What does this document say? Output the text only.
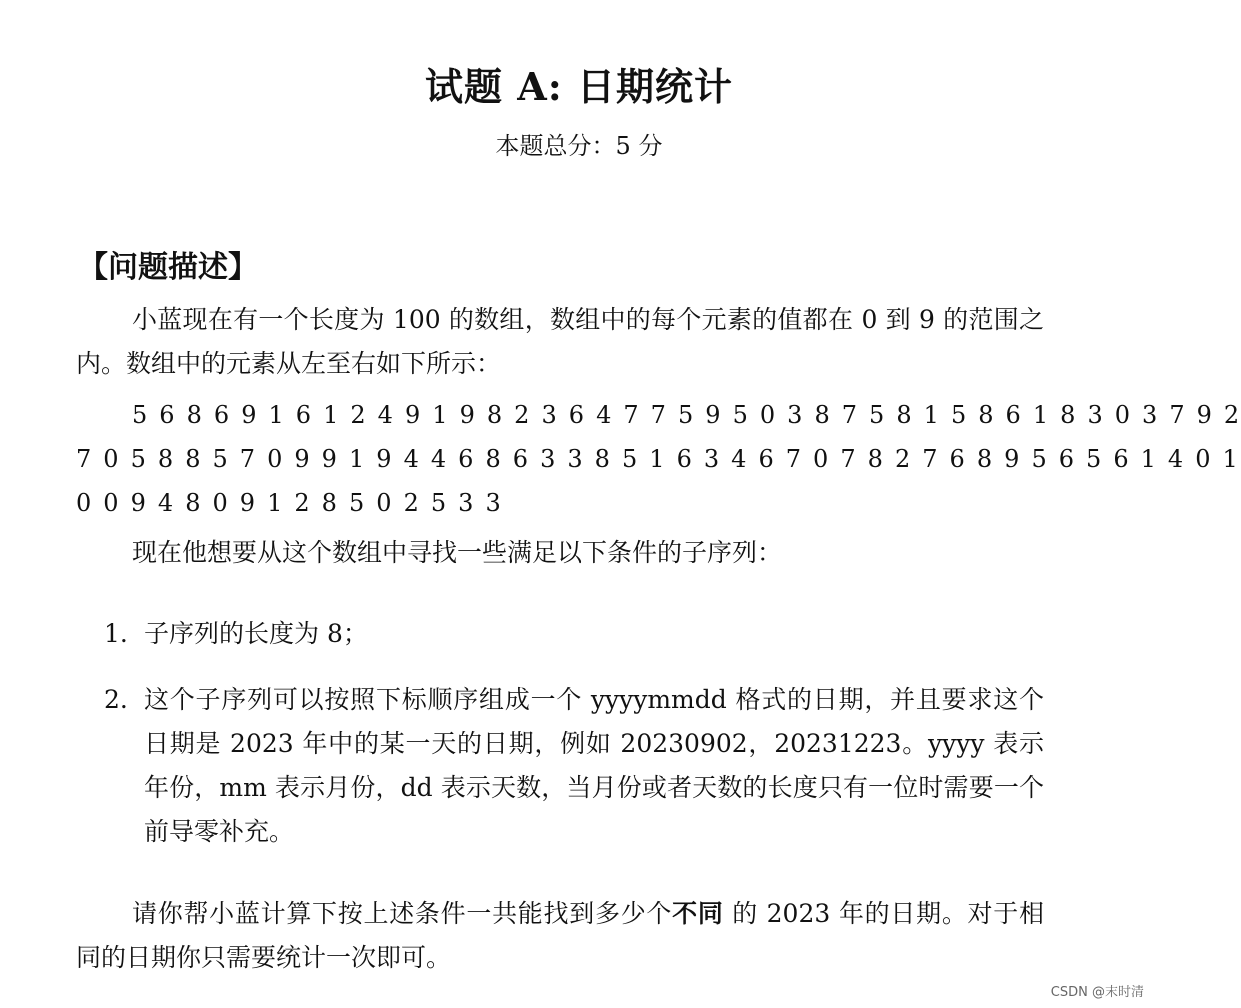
试题 A: 日期统计
本题总分：5 分
【问题描述】
小蓝现在有一个长度为 100 的数组，数组中的每个元素的值都在 0 到 9 的范围之内。数组中的元素从左至右如下所示：
5 6 8 6 9 1 6 1 2 4 9 1 9 8 2 3 6 4 7 7 5 9 5 0 3 8 7 5 8 1 5 8 6 1 8 3 0 3 7 9 2
7 0 5 8 8 5 7 0 9 9 1 9 4 4 6 8 6 3 3 8 5 1 6 3 4 6 7 0 7 8 2 7 6 8 9 5 6 5 6 1 4 0 1
0 0 9 4 8 0 9 1 2 8 5 0 2 5 3 3
现在他想要从这个数组中寻找一些满足以下条件的子序列：
1. 子序列的长度为 8；
2. 这个子序列可以按照下标顺序组成一个 yyyymmdd 格式的日期，并且要求这个日期是 2023 年中的某一天的日期，例如 20230902，20231223。yyyy 表示年份，mm 表示月份，dd 表示天数，当月份或者天数的长度只有一位时需要一个前导零补充。
请你帮小蓝计算下按上述条件一共能找到多少个不同 的 2023 年的日期。对于相同的日期你只需要统计一次即可。
CSDN @末时清
